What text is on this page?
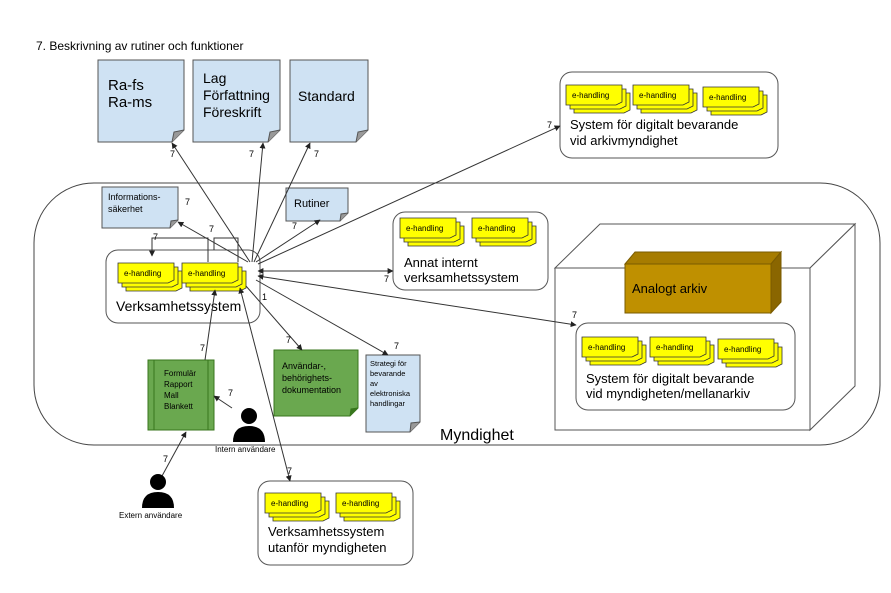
7. Beskrivning av rutiner och funktioner
Myndighet
Analogt arkiv
Ra-fs
Ra-ms
Lag
Författning
Föreskrift
Standard
Informations-
säkerhet	Rutiner
Strategi för
bevarande
av
elektroniska
handlingar
Användar-,
behörighets-
dokumentation
Formulär
Rapport
Mall
Blankett
Verksamhetssystem
Annat internt
verksamhetssystem
System för digitalt bevarande
vid arkivmyndighet
System för digitalt bevarande
vid myndigheten/mellanarkiv
Verksamhetssystem
utanför myndigheten
e-handling	e-handling	e-handling
e-handling	e-handling
e-handling	e-handling
e-handling	e-handling	e-handling
e-handling	e-handling
Intern användare
Extern användare
7	7	7
7
7
7
7
7
7
7
7
7
7
7
7
7
1
